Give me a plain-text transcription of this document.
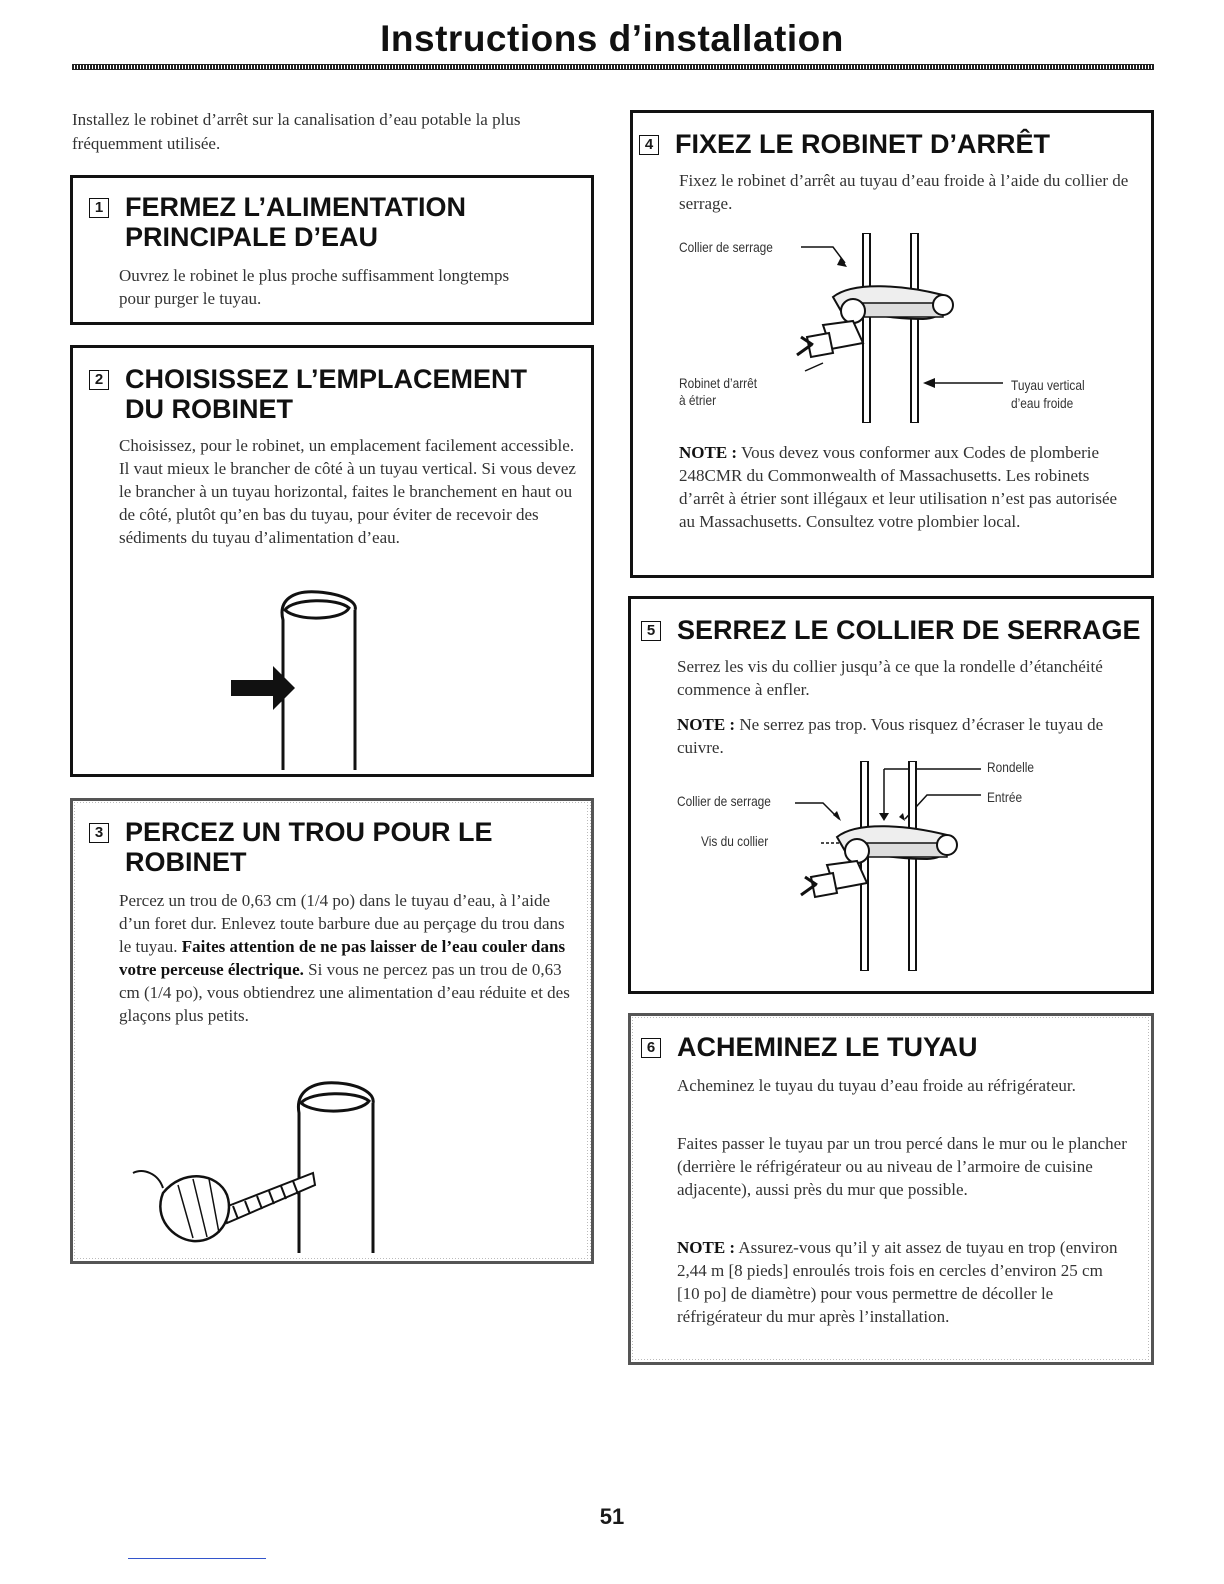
Instructions d’installation
Installez le robinet d’arrêt sur la canalisation d’eau potable la plus fréquemment utilisée.
1 FERMEZ L’ALIMENTATION PRINCIPALE D’EAU
Ouvrez le robinet le plus proche suffisamment longtemps pour purger le tuyau.
2 CHOISISSEZ L’EMPLACEMENT DU ROBINET
Choisissez, pour le robinet, un emplacement facilement accessible. Il vaut mieux le brancher de côté à un tuyau vertical. Si vous devez le brancher à un tuyau horizontal, faites le branchement en haut ou de côté, plutôt qu’en bas du tuyau, pour éviter de recevoir des sédiments du tuyau d’alimentation d’eau.
3 PERCEZ UN TROU POUR LE ROBINET
Percez un trou de 0,63 cm (1/4 po) dans le tuyau d’eau, à l’aide d’un foret dur. Enlevez toute barbure due au perçage du trou dans le tuyau. Faites attention de ne pas laisser de l’eau couler dans votre perceuse électrique. Si vous ne percez pas un trou de 0,63 cm (1/4 po), vous obtiendrez une alimentation d’eau réduite et des glaçons plus petits.
4 FIXEZ LE ROBINET D’ARRÊT
Fixez le robinet d’arrêt au tuyau d’eau froide à l’aide du collier de serrage.
Collier de serrage
Robinet d’arrêt
à étrier
Tuyau vertical
d’eau froide
NOTE : Vous devez vous conformer aux Codes de plomberie 248CMR du Commonwealth of Massachusetts. Les robinets d’arrêt à étrier sont illégaux et leur utilisation n’est pas autorisée au Massachusetts. Consultez votre plombier local.
5 SERREZ LE COLLIER DE SERRAGE
Serrez les vis du collier jusqu’à ce que la rondelle d’étanchéité commence à enfler.
NOTE : Ne serrez pas trop. Vous risquez d’écraser le tuyau de cuivre.
Rondelle
Entrée
Collier de serrage
Vis du collier
6 ACHEMINEZ LE TUYAU
Acheminez le tuyau du tuyau d’eau froide au réfrigérateur.
Faites passer le tuyau par un trou percé dans le mur ou le plancher (derrière le réfrigérateur ou au niveau de l’armoire de cuisine adjacente), aussi près du mur que possible.
NOTE : Assurez-vous qu’il y ait assez de tuyau en trop (environ 2,44 m [8 pieds] enroulés trois fois en cercles d’environ 25 cm [10 po] de diamètre) pour vous permettre de décoller le réfrigérateur du mur après l’installation.
51
